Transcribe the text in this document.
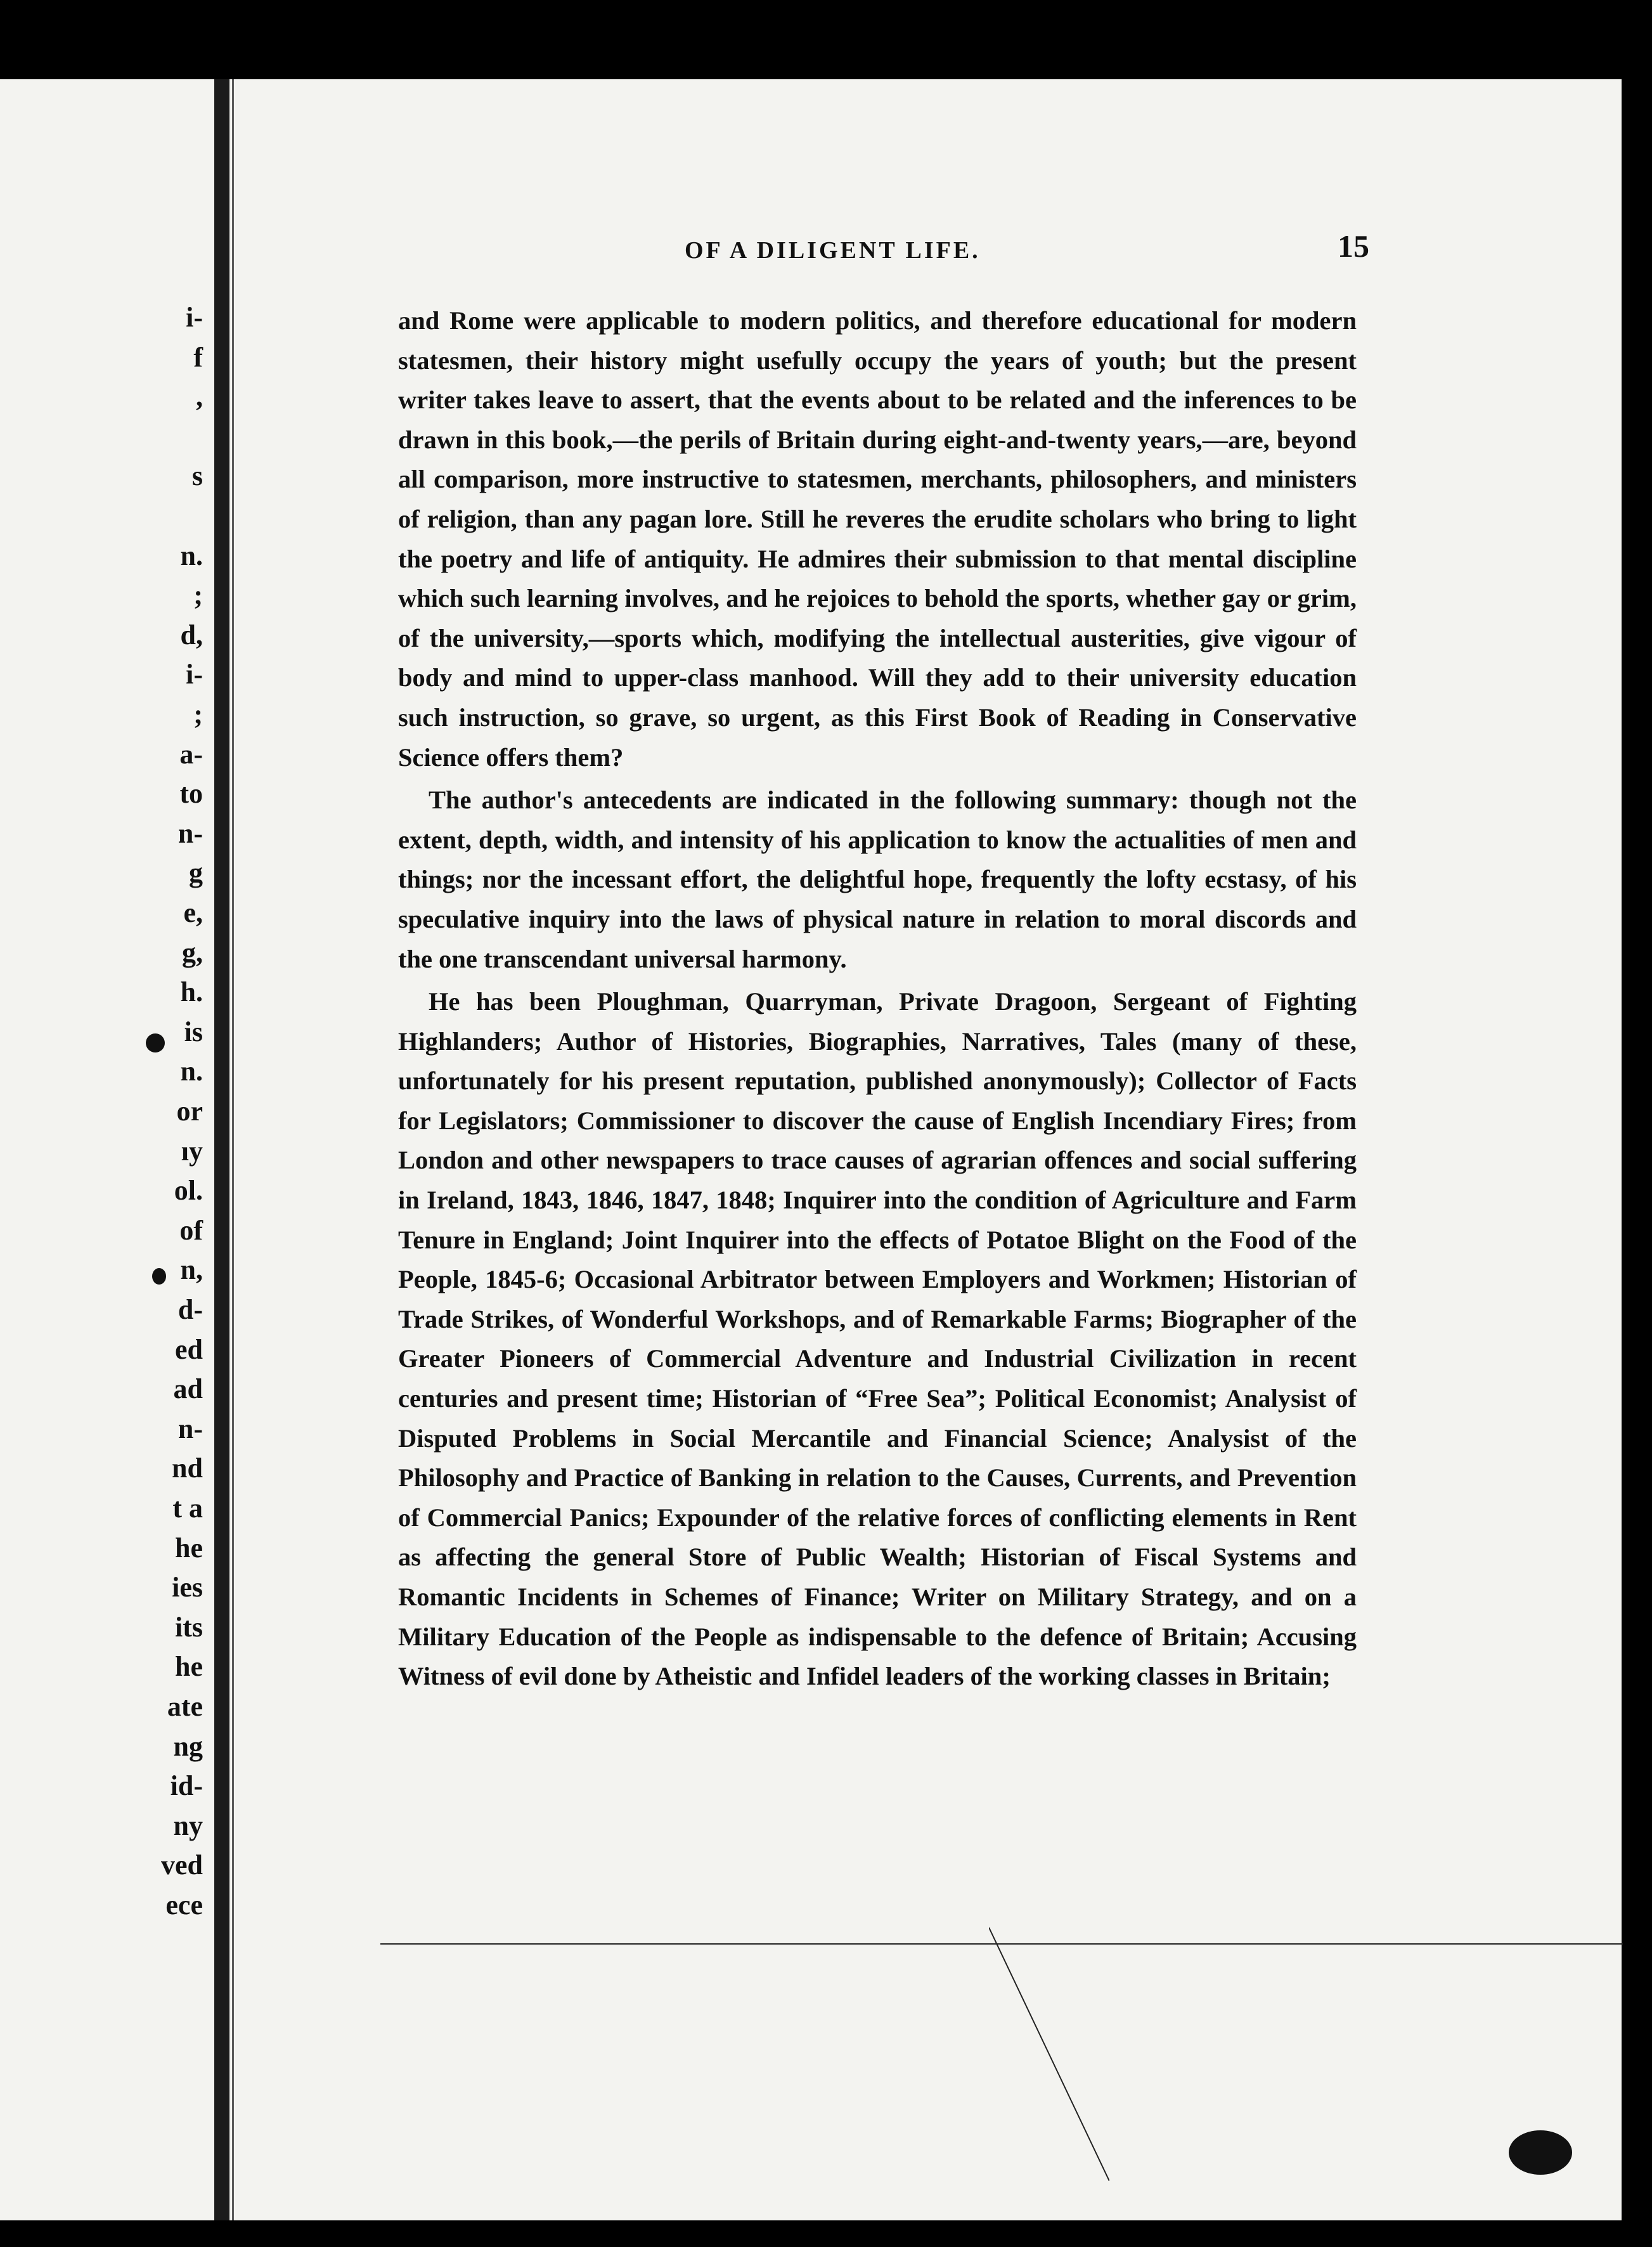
i-
f
,
s
n.
;
d,
i-
;
a-
to
n-
g
e,
g,
h.
is
n.
or
ıy
ol.
of
n,
d-
ed
ad
n-
nd
t a
he
ies
its
he
ate
ng
id-
ny
ved
ece
OF A DILIGENT LIFE.	15

and Rome were applicable to modern politics, and therefore educational for modern statesmen, their history might usefully occupy the years of youth; but the present writer takes leave to assert, that the events about to be related and the inferences to be drawn in this book,—the perils of Britain during eight-and-twenty years,—are, beyond all comparison, more instructive to statesmen, merchants, philosophers, and ministers of religion, than any pagan lore. Still he reveres the erudite scholars who bring to light the poetry and life of antiquity. He admires their submission to that mental discipline which such learning involves, and he rejoices to behold the sports, whether gay or grim, of the university,—sports which, modifying the intellectual austerities, give vigour of body and mind to upper-class manhood. Will they add to their university education such instruction, so grave, so urgent, as this First Book of Reading in Conservative Science offers them?

The author's antecedents are indicated in the following summary: though not the extent, depth, width, and intensity of his application to know the actualities of men and things; nor the incessant effort, the delightful hope, frequently the lofty ecstasy, of his speculative inquiry into the laws of physical nature in relation to moral discords and the one transcendant universal harmony.

He has been Ploughman, Quarryman, Private Dragoon, Sergeant of Fighting Highlanders; Author of Histories, Biographies, Narratives, Tales (many of these, unfortunately for his present reputation, published anonymously); Collector of Facts for Legislators; Commissioner to discover the cause of English Incendiary Fires; from London and other newspapers to trace causes of agrarian offences and social suffering in Ireland, 1843, 1846, 1847, 1848; Inquirer into the condition of Agriculture and Farm Tenure in England; Joint Inquirer into the effects of Potatoe Blight on the Food of the People, 1845-6; Occasional Arbitrator between Employers and Workmen; Historian of Trade Strikes, of Wonderful Workshops, and of Remarkable Farms; Biographer of the Greater Pioneers of Commercial Adventure and Industrial Civilization in recent centuries and present time; Historian of “Free Sea”; Political Economist; Analysist of Disputed Problems in Social Mercantile and Financial Science; Analysist of the Philosophy and Practice of Banking in relation to the Causes, Currents, and Prevention of Commercial Panics; Expounder of the relative forces of conflicting elements in Rent as affecting the general Store of Public Wealth; Historian of Fiscal Systems and Romantic Incidents in Schemes of Finance; Writer on Military Strategy, and on a Military Education of the People as indispensable to the defence of Britain; Accusing Witness of evil done by Atheistic and Infidel leaders of the working classes in Britain;
